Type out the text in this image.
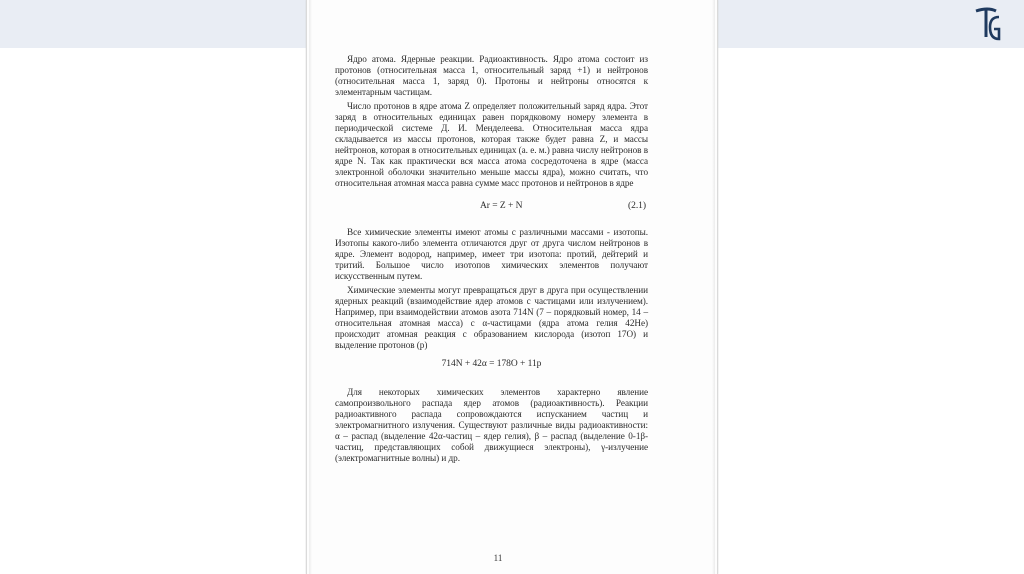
Ядро атома. Ядерные реакции. Радиоактивность. Ядро атома состоит из протонов (относительная масса 1, относительный заряд +1) и нейтронов (относительная масса 1, заряд 0). Протоны и нейтроны относятся к элементарным частицам.

Число протонов в ядре атома Z определяет положительный заряд ядра. Этот заряд в относительных единицах равен порядковому номеру элемента в периодической системе Д. И. Менделеева. Относительная масса ядра складывается из массы протонов, которая также будет равна Z, и массы нейтронов, которая в относительных единицах (а. е. м.) равна числу нейтронов в ядре N. Так как практически вся масса атома сосредоточена в ядре (масса электронной оболочки значительно меньше массы ядра), можно считать, что относительная атомная масса равна сумме масс протонов и нейтронов в ядре

Ar = Z + N	(2.1)

Все химические элементы имеют атомы с различными массами - изотопы. Изотопы какого-либо элемента отличаются друг от друга числом нейтронов в ядре. Элемент водород, например, имеет три изотопа: протий, дейтерий и тритий. Большое число изотопов химических элементов получают искусственным путем.

Химические элементы могут превращаться друг в друга при осуществлении ядерных реакций (взаимодействие ядер атомов с частицами или излучением). Например, при взаимодействии атомов азота 714N (7 – порядковый номер, 14 – относительная атомная масса) с α-частицами (ядра атома гелия 42He) происходит атомная реакция с образованием кислорода (изотоп 17O) и выделение протонов (р)

714N + 42α = 178O + 11p

Для некоторых химических элементов характерно явление самопроизвольного распада ядер атомов (радиоактивность). Реакции радиоактивного распада сопровождаются испусканием частиц и электромагнитного излучения. Существуют различные виды радиоактивности: α – распад (выделение 42α-частиц – ядер гелия), β – распад (выделение 0-1β-частиц, представляющих собой движущиеся электроны), γ-излучение (электромагнитные волны) и др.

11
